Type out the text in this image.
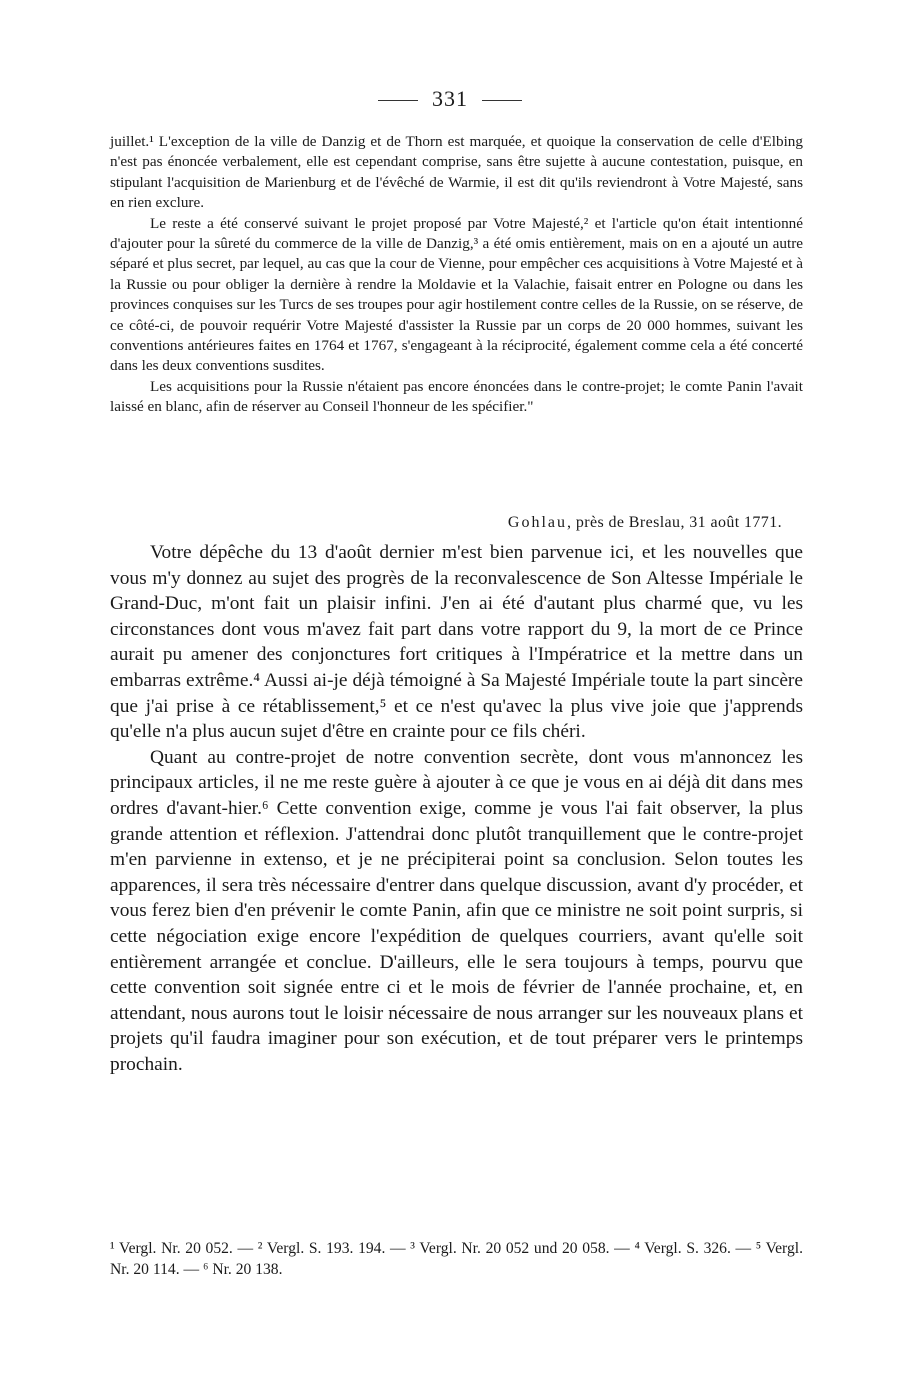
331

juillet.¹ L'exception de la ville de Danzig et de Thorn est marquée, et quoique la conservation de celle d'Elbing n'est pas énoncée verbalement, elle est cependant comprise, sans être sujette à aucune contestation, puisque, en stipulant l'acquisition de Marienburg et de l'évêché de Warmie, il est dit qu'ils reviendront à Votre Majesté, sans en rien exclure.

Le reste a été conservé suivant le projet proposé par Votre Majesté,² et l'article qu'on était intentionné d'ajouter pour la sûreté du commerce de la ville de Danzig,³ a été omis entièrement, mais on en a ajouté un autre séparé et plus secret, par lequel, au cas que la cour de Vienne, pour empêcher ces acquisitions à Votre Majesté et à la Russie ou pour obliger la dernière à rendre la Moldavie et la Valachie, faisait entrer en Pologne ou dans les provinces conquises sur les Turcs de ses troupes pour agir hostilement contre celles de la Russie, on se réserve, de ce côté-ci, de pouvoir requérir Votre Majesté d'assister la Russie par un corps de 20 000 hommes, suivant les conventions antérieures faites en 1764 et 1767, s'engageant à la réciprocité, également comme cela a été concerté dans les deux conventions susdites.

Les acquisitions pour la Russie n'étaient pas encore énoncées dans le contre-projet; le comte Panin l'avait laissé en blanc, afin de réserver au Conseil l'honneur de les spécifier."

Gohlau, près de Breslau, 31 août 1771.

Votre dépêche du 13 d'août dernier m'est bien parvenue ici, et les nouvelles que vous m'y donnez au sujet des progrès de la reconvalescence de Son Altesse Impériale le Grand-Duc, m'ont fait un plaisir infini. J'en ai été d'autant plus charmé que, vu les circonstances dont vous m'avez fait part dans votre rapport du 9, la mort de ce Prince aurait pu amener des conjonctures fort critiques à l'Impératrice et la mettre dans un embarras extrême.⁴ Aussi ai-je déjà témoigné à Sa Majesté Impériale toute la part sincère que j'ai prise à ce rétablissement,⁵ et ce n'est qu'avec la plus vive joie que j'apprends qu'elle n'a plus aucun sujet d'être en crainte pour ce fils chéri.

Quant au contre-projet de notre convention secrète, dont vous m'annoncez les principaux articles, il ne me reste guère à ajouter à ce que je vous en ai déjà dit dans mes ordres d'avant-hier.⁶ Cette convention exige, comme je vous l'ai fait observer, la plus grande attention et réflexion. J'attendrai donc plutôt tranquillement que le contre-projet m'en parvienne in extenso, et je ne précipiterai point sa conclusion. Selon toutes les apparences, il sera très nécessaire d'entrer dans quelque discussion, avant d'y procéder, et vous ferez bien d'en prévenir le comte Panin, afin que ce ministre ne soit point surpris, si cette négociation exige encore l'expédition de quelques courriers, avant qu'elle soit entièrement arrangée et conclue. D'ailleurs, elle le sera toujours à temps, pourvu que cette convention soit signée entre ci et le mois de février de l'année prochaine, et, en attendant, nous aurons tout le loisir nécessaire de nous arranger sur les nouveaux plans et projets qu'il faudra imaginer pour son exécution, et de tout préparer vers le printemps prochain.

¹ Vergl. Nr. 20 052. — ² Vergl. S. 193. 194. — ³ Vergl. Nr. 20 052 und 20 058. — ⁴ Vergl. S. 326. — ⁵ Vergl. Nr. 20 114. — ⁶ Nr. 20 138.
